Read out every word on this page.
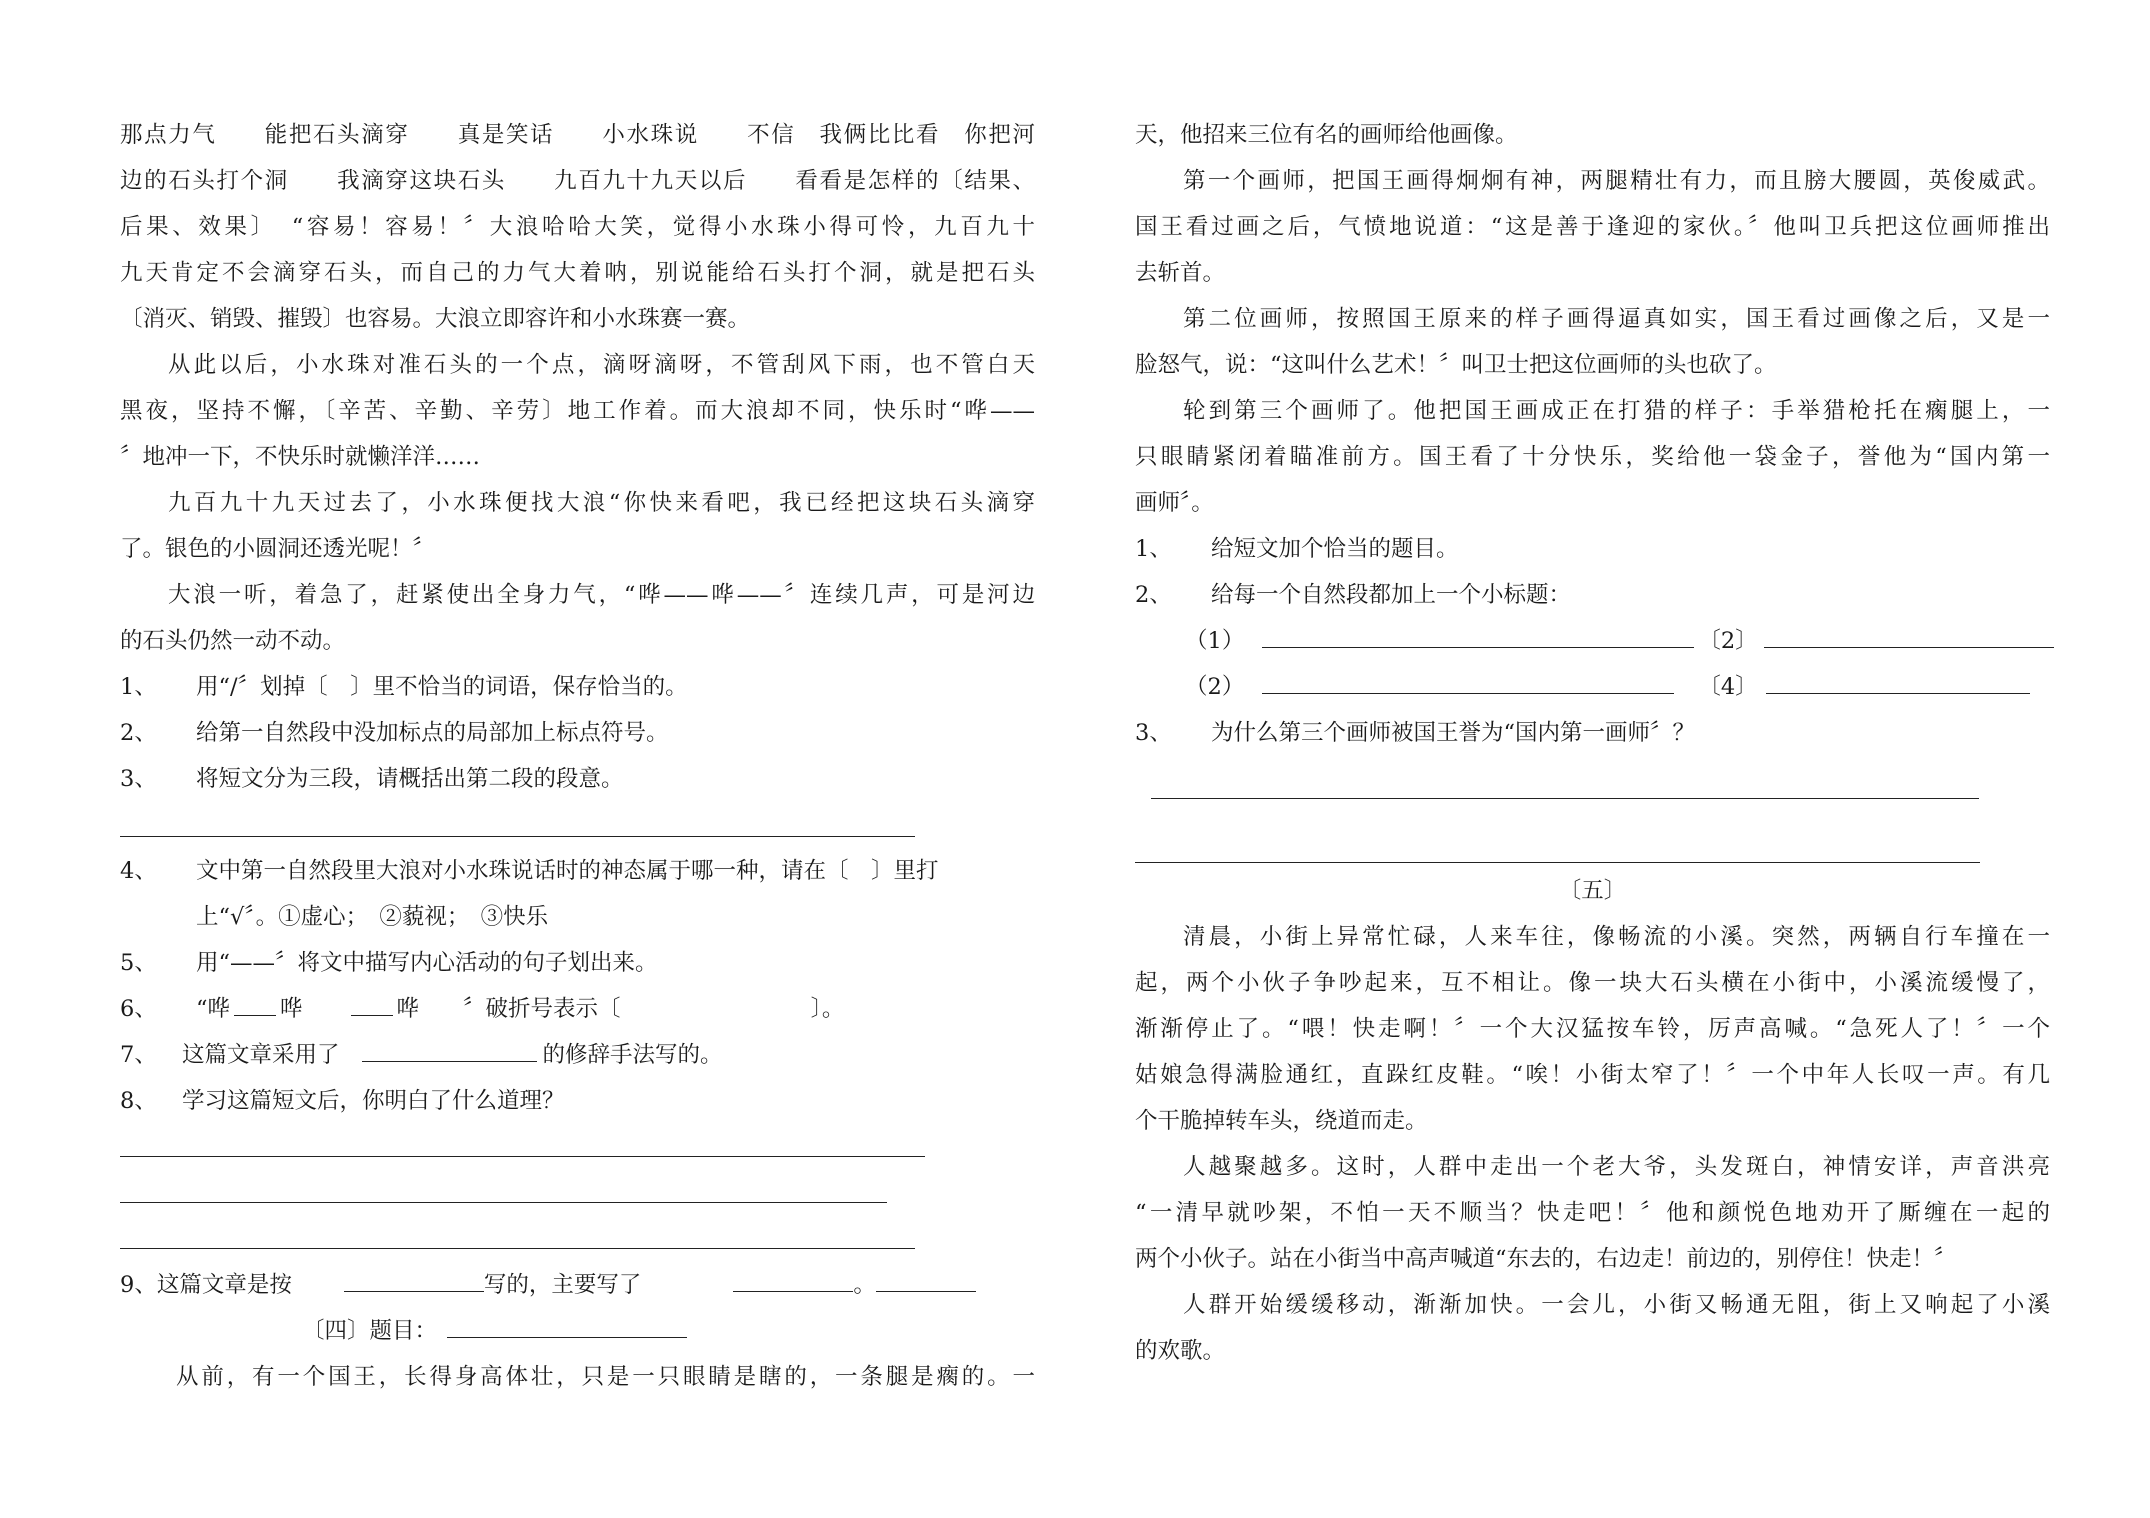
那点力气　　能把石头滴穿　　真是笑话　　小水珠说　　不信　我俩比比看　你把河
边的石头打个洞　　我滴穿这块石头　　九百九十九天以后　　看看是怎样的〔结果、
后果、效果〕　“容易！容易！〞大浪哈哈大笑，觉得小水珠小得可怜，九百九十
九天肯定不会滴穿石头，而自己的力气大着呐，别说能给石头打个洞，就是把石头
〔消灭、销毁、摧毁〕也容易。大浪立即容许和小水珠赛一赛。
从此以后，小水珠对准石头的一个点，滴呀滴呀，不管刮风下雨，也不管白天
黑夜，坚持不懈，〔辛苦、辛勤、辛劳〕地工作着。而大浪却不同，快乐时“哗——
〞地冲一下，不快乐时就懒洋洋……
九百九十九天过去了，小水珠便找大浪“你快来看吧，我已经把这块石头滴穿
了。银色的小圆洞还透光呢！〞
大浪一听，着急了，赶紧使出全身力气，“哗——哗——〞连续几声，可是河边
的石头仍然一动不动。
1、 用“/〞划掉〔　〕里不恰当的词语，保存恰当的。
2、 给第一自然段中没加标点的局部加上标点符号。
3、 将短文分为三段，请概括出第二段的段意。
4、 文中第一自然段里大浪对小水珠说话时的神态属于哪一种，请在〔　〕里打
上“√〞。①虚心；　②藐视；　③快乐
5、 用“——〞将文中描写内心活动的句子划出来。
6、 “哗 哗	哗 〞破折号表示〔	〕。
7、 这篇文章采用了	的修辞手法写的。
8、 学习这篇短文后，你明白了什么道理？
9、这篇文章是按	写的，主要写了	。
〔四〕题目：
从前，有一个国王，长得身高体壮，只是一只眼睛是瞎的，一条腿是瘸的。一
天，他招来三位有名的画师给他画像。
第一个画师，把国王画得炯炯有神，两腿精壮有力，而且膀大腰圆，英俊威武。
国王看过画之后，气愤地说道：“这是善于逢迎的家伙。〞他叫卫兵把这位画师推出
去斩首。
第二位画师，按照国王原来的样子画得逼真如实，国王看过画像之后，又是一
脸怒气，说：“这叫什么艺术！〞叫卫士把这位画师的头也砍了。
轮到第三个画师了。他把国王画成正在打猎的样子：手举猎枪托在瘸腿上，一
只眼睛紧闭着瞄准前方。国王看了十分快乐，奖给他一袋金子，誉他为“国内第一
画师〞。
1、 给短文加个恰当的题目。
2、 给每一个自然段都加上一个小标题：
（1）	〔2〕
（2）	〔4〕
3、 为什么第三个画师被国王誉为“国内第一画师〞？
〔五〕
清晨，小街上异常忙碌，人来车往，像畅流的小溪。突然，两辆自行车撞在一
起，两个小伙子争吵起来，互不相让。像一块大石头横在小街中，小溪流缓慢了，
渐渐停止了。“喂！快走啊！〞一个大汉猛按车铃，厉声高喊。“急死人了！〞一个
姑娘急得满脸通红，直跺红皮鞋。“唉！小街太窄了！〞一个中年人长叹一声。有几
个干脆掉转车头，绕道而走。
人越聚越多。这时，人群中走出一个老大爷，头发斑白，神情安详，声音洪亮
“一清早就吵架，不怕一天不顺当？快走吧！〞他和颜悦色地劝开了厮缠在一起的
两个小伙子。站在小街当中高声喊道“东去的，右边走！前边的，别停住！快走！〞
人群开始缓缓移动，渐渐加快。一会儿，小街又畅通无阻，街上又响起了小溪
的欢歌。
